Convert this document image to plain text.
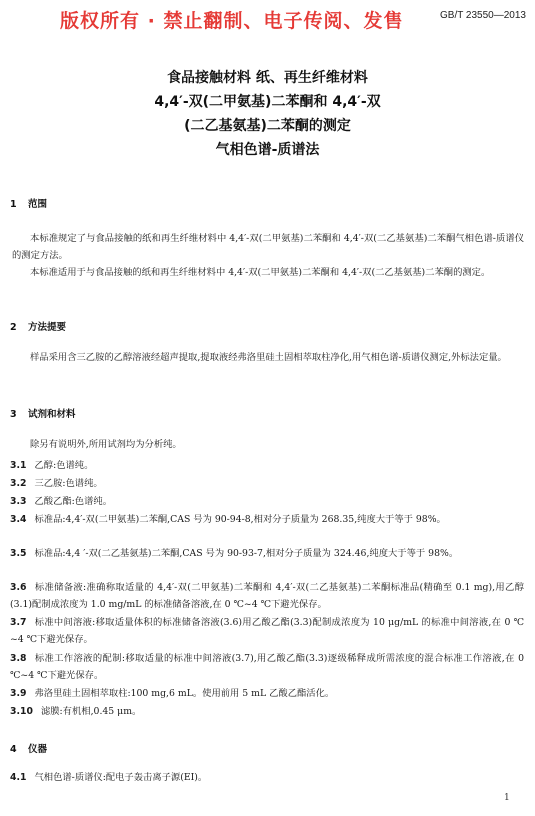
GB/T 23550—2013
版权所有 · 禁止翻制、电子传阅、发售
食品接触材料 纸、再生纤维材料
4,4′-双(二甲氨基)二苯酮和 4,4′-双
(二乙基氨基)二苯酮的测定
气相色谱-质谱法
1 范围
本标准规定了与食品接触的纸和再生纤维材料中 4,4′-双(二甲氨基)二苯酮和 4,4′-双(二乙基氨基)二苯酮气相色谱-质谱仪的测定方法。
本标准适用于与食品接触的纸和再生纤维材料中 4,4′-双(二甲氨基)二苯酮和 4,4′-双(二乙基氨基)二苯酮的测定。
2 方法提要
样品采用含三乙胺的乙醇溶液经超声提取,提取液经弗洛里硅土固相萃取柱净化,用气相色谱-质谱仪测定,外标法定量。
3 试剂和材料
除另有说明外,所用试剂均为分析纯。
3.1 乙醇:色谱纯。
3.2 三乙胺:色谱纯。
3.3 乙酸乙酯:色谱纯。
3.4 标准品:4,4′-双(二甲氨基)二苯酮,CAS 号为 90-94-8,相对分子质量为 268.35,纯度大于等于 98%。
3.5 标准品:4,4 ′-双(二乙基氨基)二苯酮,CAS 号为 90-93-7,相对分子质量为 324.46,纯度大于等于 98%。
3.6 标准储备液:准确称取适量的 4,4′-双(二甲氨基)二苯酮和 4,4′-双(二乙基氨基)二苯酮标准品(精确至 0.1 mg),用乙醇(3.1)配制成浓度为 1.0 mg/mL 的标准储备溶液,在 0 ℃~4 ℃下避光保存。
3.7 标准中间溶液:移取适量体积的标准储备溶液(3.6)用乙酸乙酯(3.3)配制成浓度为 10 μg/mL 的标准中间溶液,在 0 ℃ ~4 ℃下避光保存。
3.8 标准工作溶液的配制:移取适量的标准中间溶液(3.7),用乙酸乙酯(3.3)逐级稀释成所需浓度的混合标准工作溶液,在 0 ℃~4 ℃下避光保存。
3.9 弗洛里硅土固相萃取柱:100 mg,6 mL。使用前用 5 mL 乙酸乙酯活化。
3.10 滤膜:有机相,0.45 μm。
4 仪器
4.1 气相色谱-质谱仪:配电子轰击离子源(EI)。
1
